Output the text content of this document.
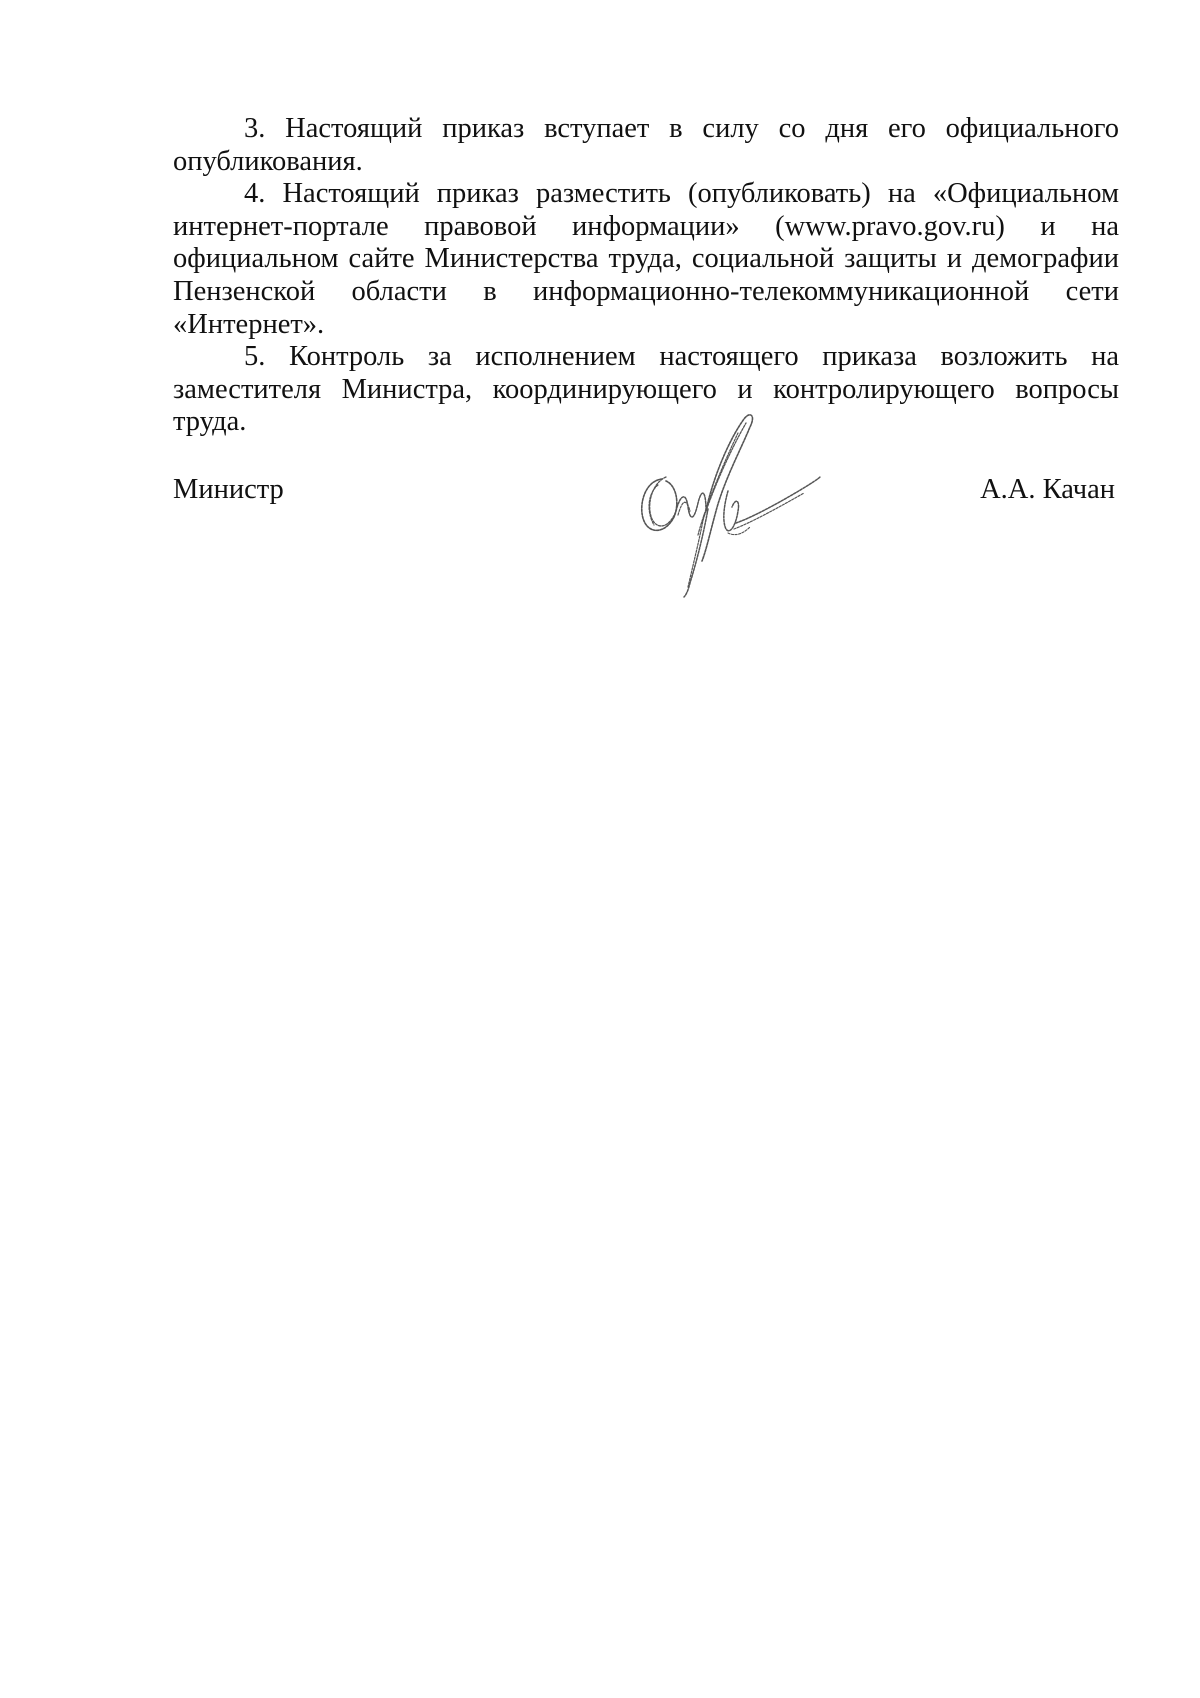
3. Настоящий приказ вступает в силу со дня его официального опубликования.

4. Настоящий приказ разместить (опубликовать) на «Официальном интернет-портале правовой информации» (www.pravo.gov.ru) и на официальном сайте Министерства труда, социальной защиты и демографии Пензенской области в информационно-телекоммуникационной сети «Интернет».

5. Контроль за исполнением настоящего приказа возложить на заместителя Министра, координирующего и контролирующего вопросы труда.

Министр	А.А. Качан
